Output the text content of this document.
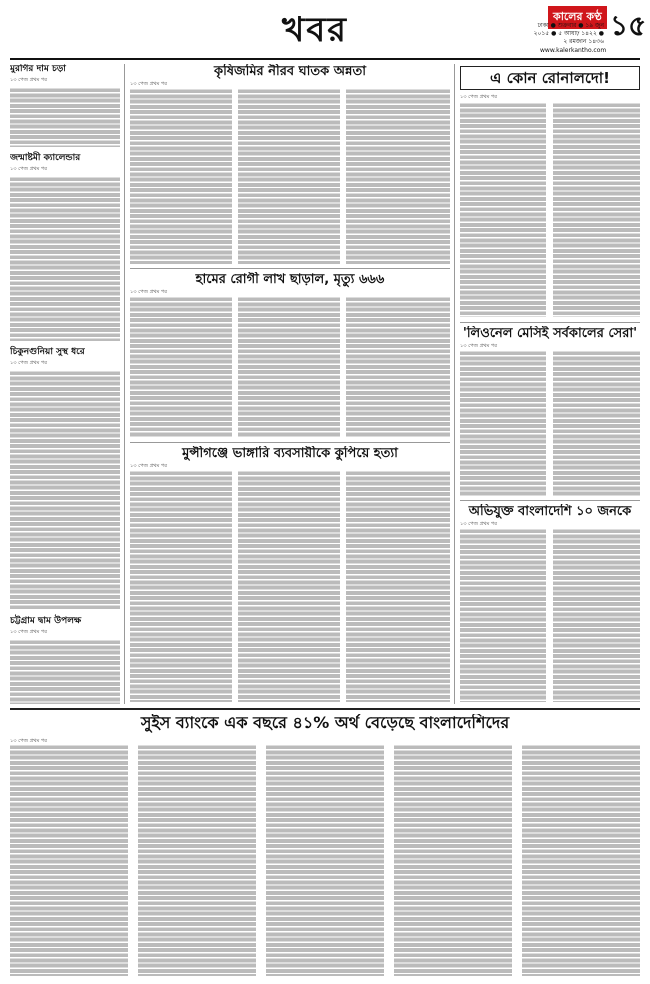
খবর	কালের কণ্ঠ
ঢাকা ● শুক্রবার ● ১৯ জুন ২০১৫ ● ৫ আষাঢ় ১৪২২ ● ২ রমজান ১৪৩৬ ১৫
www.kalerkantho.com
মুরগির দাম চড়া
১৩ পেজ প্রথম পর
জন্মাষ্টমী ক্যালেন্ডার
১৩ পেজ প্রথম পর
চিকুনগুনিয়া সুস্থ ধরে
১৩ পেজ প্রথম পর
চট্টগ্রাম দ্বাম উপলক্ষ
১৩ পেজ প্রথম পর
কৃষিজমির নীরব ঘাতক অন্নতা
১৩ পেজ প্রথম পর
হামের রোগী লাখ ছাড়াল, মৃত্যু ৬৬৬
১৩ পেজ প্রথম পর
মুন্সীগঞ্জে ভাঙ্গারি ব্যবসায়ীকে কুপিয়ে হত্যা
১৩ পেজ প্রথম পর
এ কোন রোনালদো!
১৩ পেজ প্রথম পর
'লিওনেল মেসিই সর্বকালের সেরা'
১৩ পেজ প্রথম পর
অভিযুক্ত বাংলাদেশি ১০ জনকে
১৩ পেজ প্রথম পর
সুইস ব্যাংকে এক বছরে ৪১% অর্থ বেড়েছে বাংলাদেশিদের
১৩ পেজ প্রথম পর
